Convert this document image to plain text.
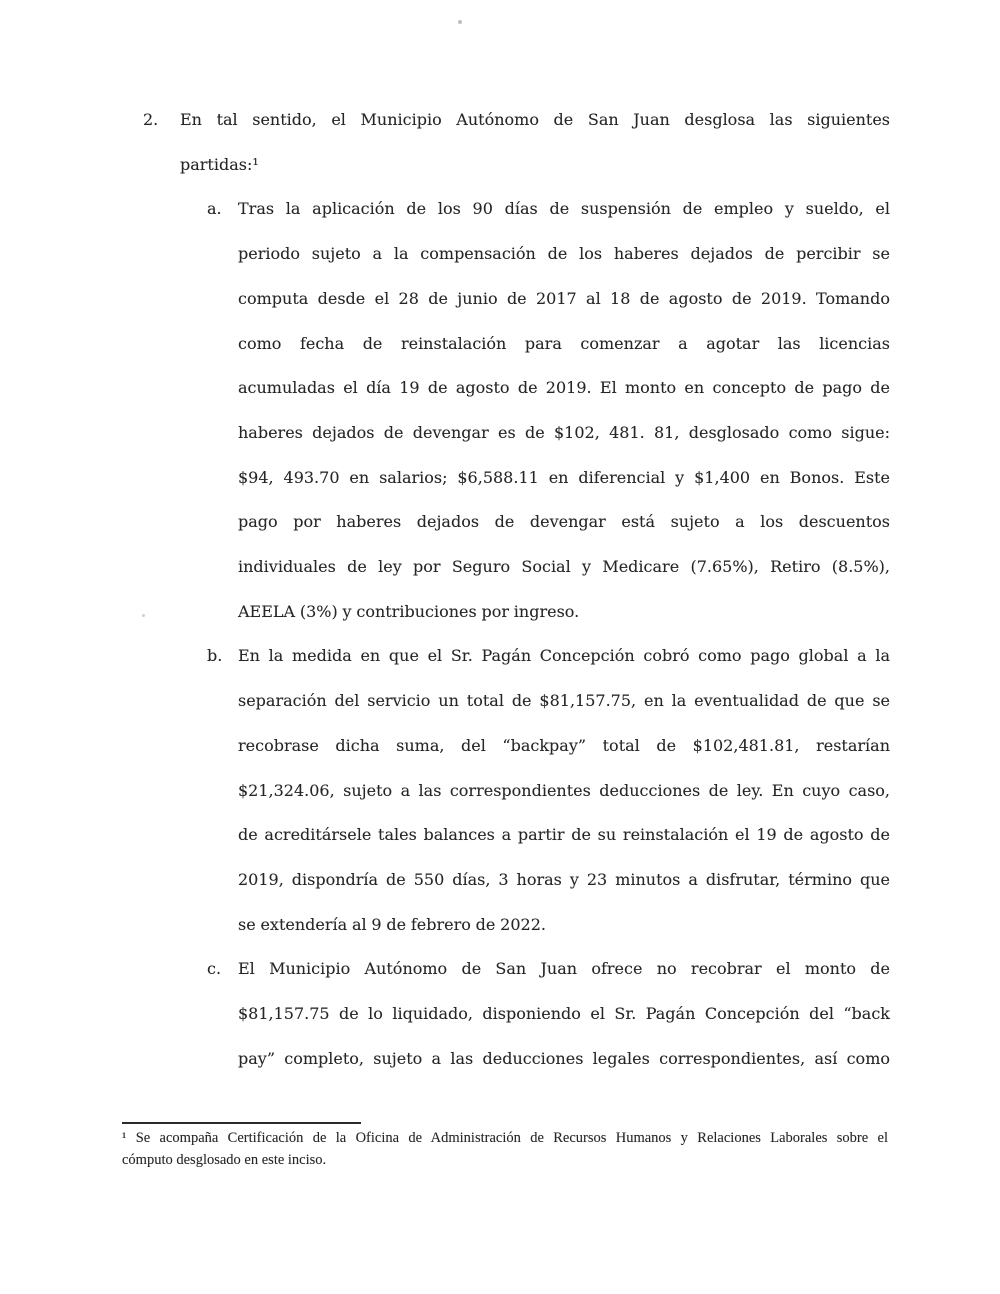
2. En tal sentido, el Municipio Autónomo de San Juan desglosa las siguientes
partidas:¹
a. Tras la aplicación de los 90 días de suspensión de empleo y sueldo, el
periodo sujeto a la compensación de los haberes dejados de percibir se
computa desde el 28 de junio de 2017 al 18 de agosto de 2019. Tomando
como fecha de reinstalación para comenzar a agotar las licencias
acumuladas el día 19 de agosto de 2019. El monto en concepto de pago de
haberes dejados de devengar es de $102, 481. 81, desglosado como sigue:
$94, 493.70 en salarios; $6,588.11 en diferencial y $1,400 en Bonos. Este
pago por haberes dejados de devengar está sujeto a los descuentos
individuales de ley por Seguro Social y Medicare (7.65%), Retiro (8.5%),
AEELA (3%) y contribuciones por ingreso.
b. En la medida en que el Sr. Pagán Concepción cobró como pago global a la
separación del servicio un total de $81,157.75, en la eventualidad de que se
recobrase dicha suma, del “backpay” total de $102,481.81, restarían
$21,324.06, sujeto a las correspondientes deducciones de ley. En cuyo caso,
de acreditársele tales balances a partir de su reinstalación el 19 de agosto de
2019, dispondría de 550 días, 3 horas y 23 minutos a disfrutar, término que
se extendería al 9 de febrero de 2022.
c. El Municipio Autónomo de San Juan ofrece no recobrar el monto de
$81,157.75 de lo liquidado, disponiendo el Sr. Pagán Concepción del “back
pay” completo, sujeto a las deducciones legales correspondientes, así como
¹ Se acompaña Certificación de la Oficina de Administración de Recursos Humanos y Relaciones Laborales sobre el
cómputo desglosado en este inciso.
